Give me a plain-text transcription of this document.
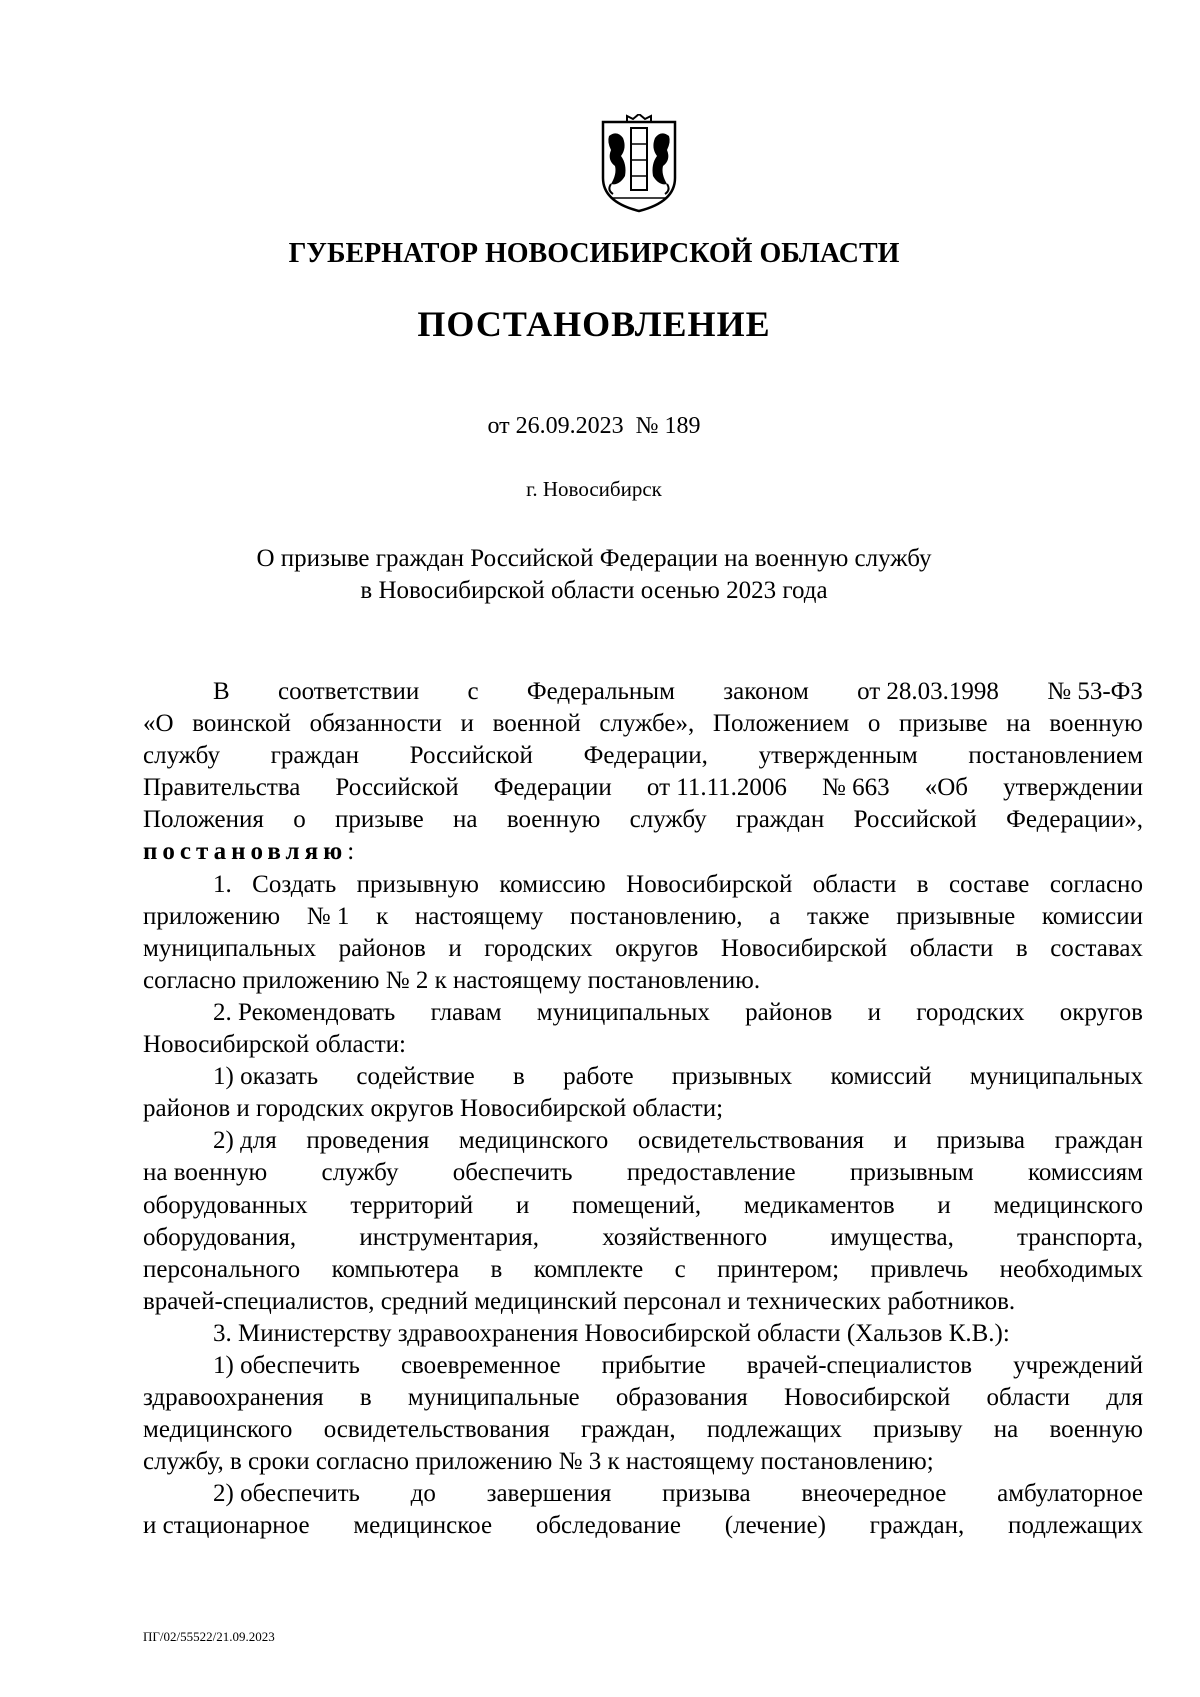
ГУБЕРНАТОР НОВОСИБИРСКОЙ ОБЛАСТИ
ПОСТАНОВЛЕНИЕ
от 26.09.2023  № 189
г. Новосибирск
О призыве граждан Российской Федерации на военную службу
в Новосибирской области осенью 2023 года
В соответствии с Федеральным законом от 28.03.1998 № 53-ФЗ
«О воинской обязанности и военной службе», Положением о призыве на военную
службу граждан Российской Федерации, утвержденным постановлением
Правительства Российской Федерации от 11.11.2006 № 663 «Об утверждении
Положения о призыве на военную службу граждан Российской Федерации»,
постановляю:
1. Создать призывную комиссию Новосибирской области в составе согласно
приложению № 1 к настоящему постановлению, а также призывные комиссии
муниципальных районов и городских округов Новосибирской области в составах
согласно приложению № 2 к настоящему постановлению.
2. Рекомендовать главам муниципальных районов и городских округов
Новосибирской области:
1) оказать содействие в работе призывных комиссий муниципальных
районов и городских округов Новосибирской области;
2) для проведения медицинского освидетельствования и призыва граждан
на военную службу обеспечить предоставление призывным комиссиям
оборудованных территорий и помещений, медикаментов и медицинского
оборудования,	инструментария,	хозяйственного	имущества,	транспорта,
персонального компьютера в комплекте с принтером; привлечь необходимых
врачей-специалистов, средний медицинский персонал и технических работников.
3. Министерству здравоохранения Новосибирской области (Хальзов К.В.):
1) обеспечить своевременное прибытие врачей-специалистов учреждений
здравоохранения в муниципальные образования Новосибирской области для
медицинского освидетельствования граждан, подлежащих призыву на военную
службу, в сроки согласно приложению № 3 к настоящему постановлению;
2) обеспечить до завершения призыва внеочередное амбулаторное
и стационарное медицинское обследование (лечение) граждан, подлежащих
ПГ/02/55522/21.09.2023
